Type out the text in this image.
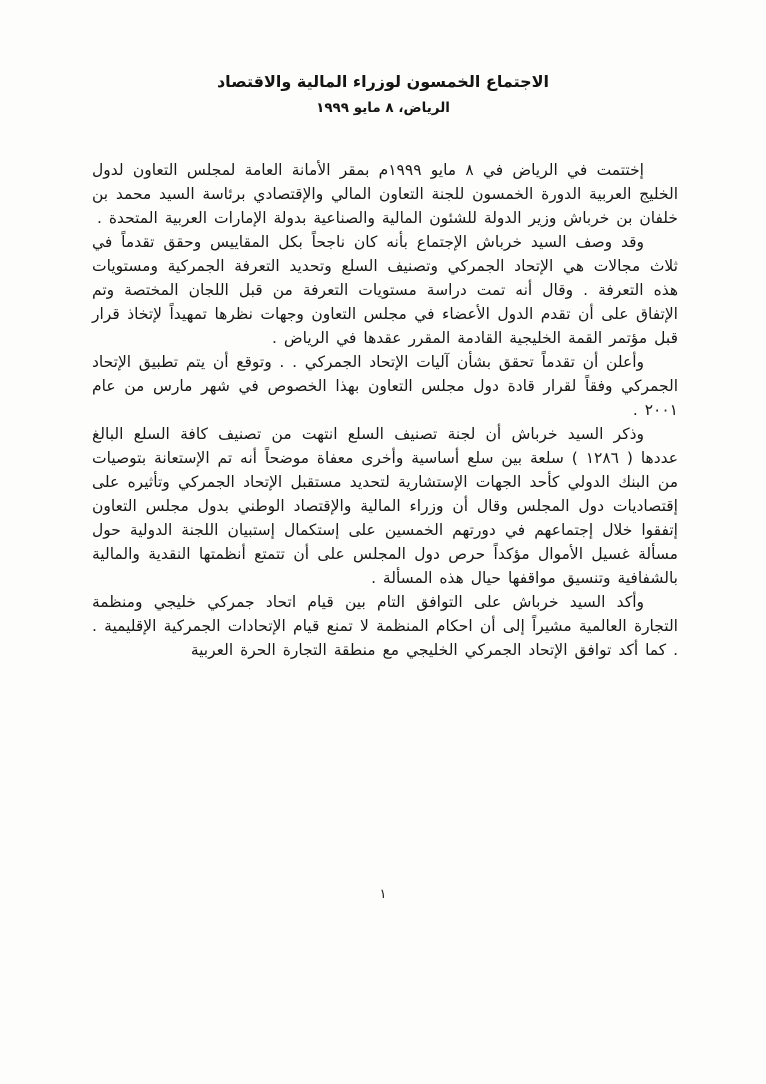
الاجتماع الخمسون لوزراء المالية والاقتصاد
الرياض، ٨ مايو ١٩٩٩

إختتمت في الرياض في ٨ مايو ١٩٩٩م بمقر الأمانة العامة لمجلس التعاون لدول الخليج العربية الدورة الخمسون للجنة التعاون المالي والإقتصادي برئاسة السيد محمد بن خلفان بن خرباش وزير الدولة للشئون المالية والصناعية بدولة الإمارات العربية المتحدة .

وقد وصف السيد خرباش الإجتماع بأنه كان ناجحاً بكل المقاييس وحقق تقدماً في ثلاث مجالات هي الإتحاد الجمركي وتصنيف السلع وتحديد التعرفة الجمركية ومستويات هذه التعرفة . وقال أنه تمت دراسة مستويات التعرفة من قبل اللجان المختصة وتم الإتفاق على أن تقدم الدول الأعضاء في مجلس التعاون وجهات نظرها تمهيداً لإتخاذ قرار قبل مؤتمر القمة الخليجية القادمة المقرر عقدها في الرياض .

وأعلن أن تقدماً تحقق بشأن آليات الإتحاد الجمركي . . وتوقع أن يتم تطبيق الإتحاد الجمركي وفقاً لقرار قادة دول مجلس التعاون بهذا الخصوص في شهر مارس من عام ٢٠٠١ .

وذكر السيد خرباش أن لجنة تصنيف السلع انتهت من تصنيف كافة السلع البالغ عددها ( ١٢٨٦ ) سلعة بين سلع أساسية وأخرى معفاة موضحاً أنه تم الإستعانة بتوصيات من البنك الدولي كأحد الجهات الإستشارية لتحديد مستقبل الإتحاد الجمركي وتأثيره على إقتصاديات دول المجلس وقال أن وزراء المالية والإقتصاد الوطني بدول مجلس التعاون إتفقوا خلال إجتماعهم في دورتهم الخمسين على إستكمال إستبيان اللجنة الدولية حول مسألة غسيل الأموال مؤكداً حرص دول المجلس على أن تتمتع أنظمتها النقدية والمالية بالشفافية وتنسيق مواقفها حيال هذه المسألة .

وأكد السيد خرباش على التوافق التام بين قيام اتحاد جمركي خليجي ومنظمة التجارة العالمية مشيراً إلى أن احكام المنظمة لا تمنع قيام الإتحادات الجمركية الإقليمية . . كما أكد توافق الإتحاد الجمركي الخليجي مع منطقة التجارة الحرة العربية

١
